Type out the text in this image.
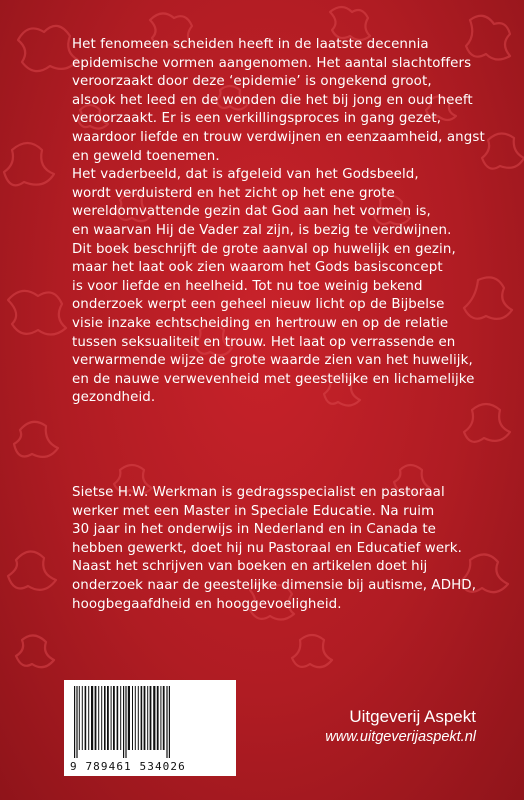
Het fenomeen scheiden heeft in de laatste decennia
epidemische vormen aangenomen. Het aantal slachtoffers
veroorzaakt door deze ‘epidemie’ is ongekend groot,
alsook het leed en de wonden die het bij jong en oud heeft
veroorzaakt. Er is een verkillingsproces in gang gezet,
waardoor liefde en trouw verdwijnen en eenzaamheid, angst
en geweld toenemen.
Het vaderbeeld, dat is afgeleid van het Godsbeeld,
wordt verduisterd en het zicht op het ene grote
wereldomvattende gezin dat God aan het vormen is,
en waarvan Hij de Vader zal zijn, is bezig te verdwijnen.
Dit boek beschrijft de grote aanval op huwelijk en gezin,
maar het laat ook zien waarom het Gods basisconcept
is voor liefde en heelheid. Tot nu toe weinig bekend
onderzoek werpt een geheel nieuw licht op de Bijbelse
visie inzake echtscheiding en hertrouw en op de relatie
tussen seksualiteit en trouw. Het laat op verrassende en
verwarmende wijze de grote waarde zien van het huwelijk,
en de nauwe verwevenheid met geestelijke en lichamelijke
gezondheid.
Sietse H.W. Werkman is gedragsspecialist en pastoraal
werker met een Master in Speciale Educatie. Na ruim
30 jaar in het onderwijs in Nederland en in Canada te
hebben gewerkt, doet hij nu Pastoraal en Educatief werk.
Naast het schrijven van boeken en artikelen doet hij
onderzoek naar de geestelijke dimensie bij autisme, ADHD,
hoogbegaafdheid en hooggevoeligheid.
9 789461 534026
Uitgeverij Aspekt
www.uitgeverijaspekt.nl
